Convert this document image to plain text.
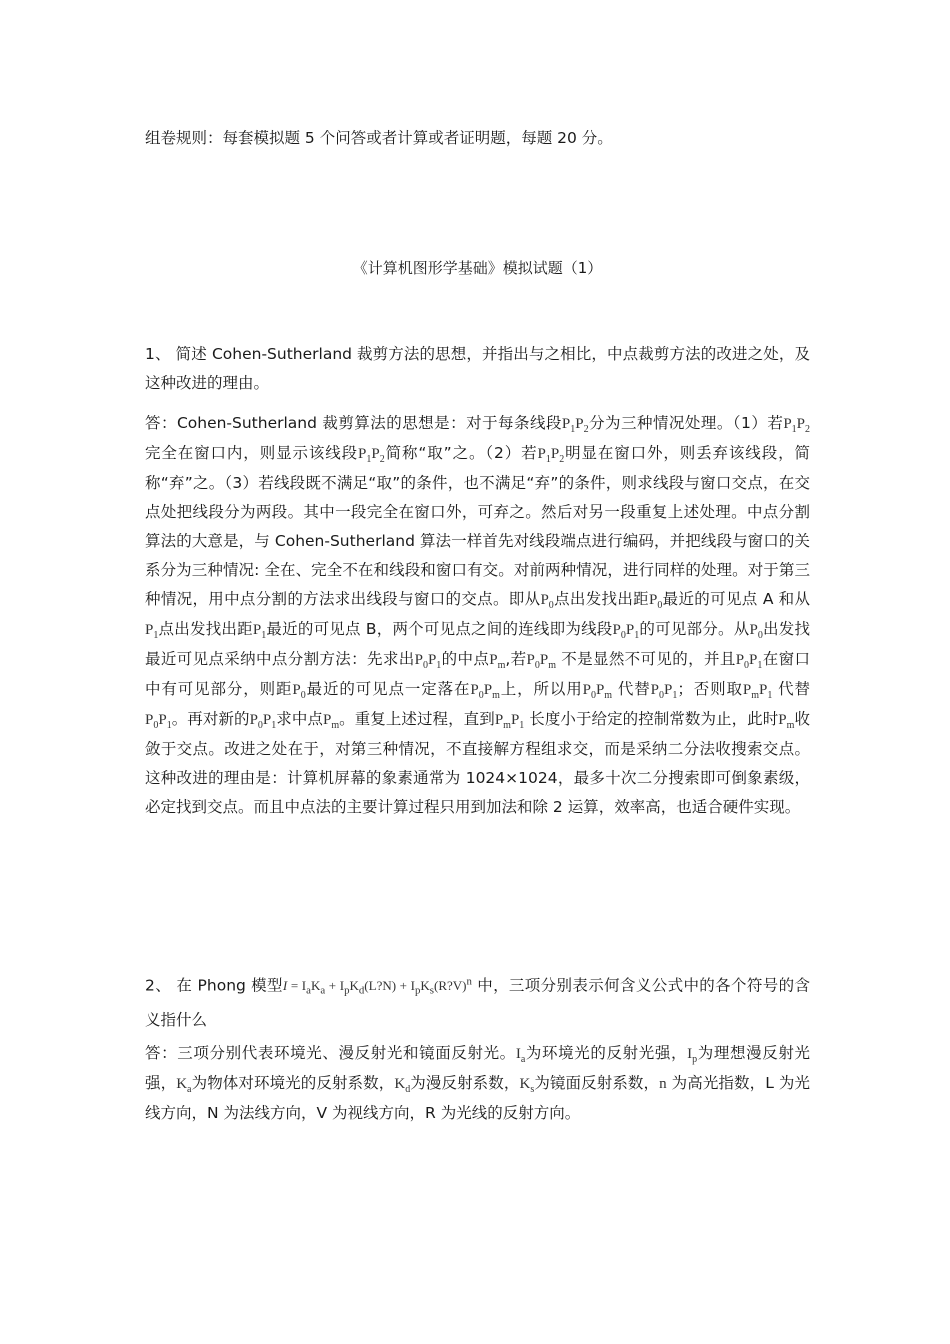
组卷规则：每套模拟题 5 个问答或者计算或者证明题，每题 20 分。

《计算机图形学基础》模拟试题（1）

1、 简述 Cohen-Sutherland 裁剪方法的思想，并指出与之相比，中点裁剪方法的改进之处，及这种改进的理由。

答：Cohen-Sutherland 裁剪算法的思想是：对于每条线段$P_1P_2$分为三种情况处理。（1）若$P_1P_2$完全在窗口内，则显示该线段$P_1P_2$简称“取”之。（2）若$P_1P_2$明显在窗口外，则丢弃该线段，简称“弃”之。（3）若线段既不满足“取”的条件，也不满足“弃”的条件，则求线段与窗口交点，在交点处把线段分为两段。其中一段完全在窗口外，可弃之。然后对另一段重复上述处理。中点分割算法的大意是，与 Cohen-Sutherland 算法一样首先对线段端点进行编码，并把线段与窗口的关系分为三种情况: 全在、完全不在和线段和窗口有交。对前两种情况，进行同样的处理。对于第三种情况，用中点分割的方法求出线段与窗口的交点。即从$P_0$点出发找出距$P_0$最近的可见点 A 和从$P_1$点出发找出距$P_1$最近的可见点 B，两个可见点之间的连线即为线段$P_0P_1$的可见部分。从$P_0$出发找最近可见点采纳中点分割方法：先求出$P_0P_1$的中点$P_m$,若$P_0P_m$ 不是显然不可见的，并且$P_0P_1$在窗口中有可见部分，则距$P_0$最近的可见点一定落在$P_0P_m$上，所以用$P_0P_m$ 代替$P_0P_1$；否则取$P_mP_1$ 代替$P_0P_1$。再对新的$P_0P_1$求中点$P_m$。重复上述过程，直到$P_mP_1$ 长度小于给定的控制常数为止，此时$P_m$收敛于交点。改进之处在于，对第三种情况，不直接解方程组求交，而是采纳二分法收搜索交点。这种改进的理由是：计算机屏幕的象素通常为 1024×1024，最多十次二分搜索即可倒象素级，必定找到交点。而且中点法的主要计算过程只用到加法和除 2 运算，效率高，也适合硬件实现。

2、 在 Phong 模型$I = I_aK_a$ + $I_pK_d(L?N)$ + $I_pK_s(R?V)^n$ 中，三项分别表示何含义公式中的各个符号的含义指什么

答：三项分别代表环境光、漫反射光和镜面反射光。$I_a$为环境光的反射光强，$I_p$为理想漫反射光强，$K_a$为物体对环境光的反射系数，$K_d$为漫反射系数，$K_s$为镜面反射系数，n 为高光指数，L 为光线方向，N 为法线方向，V 为视线方向，R 为光线的反射方向。
